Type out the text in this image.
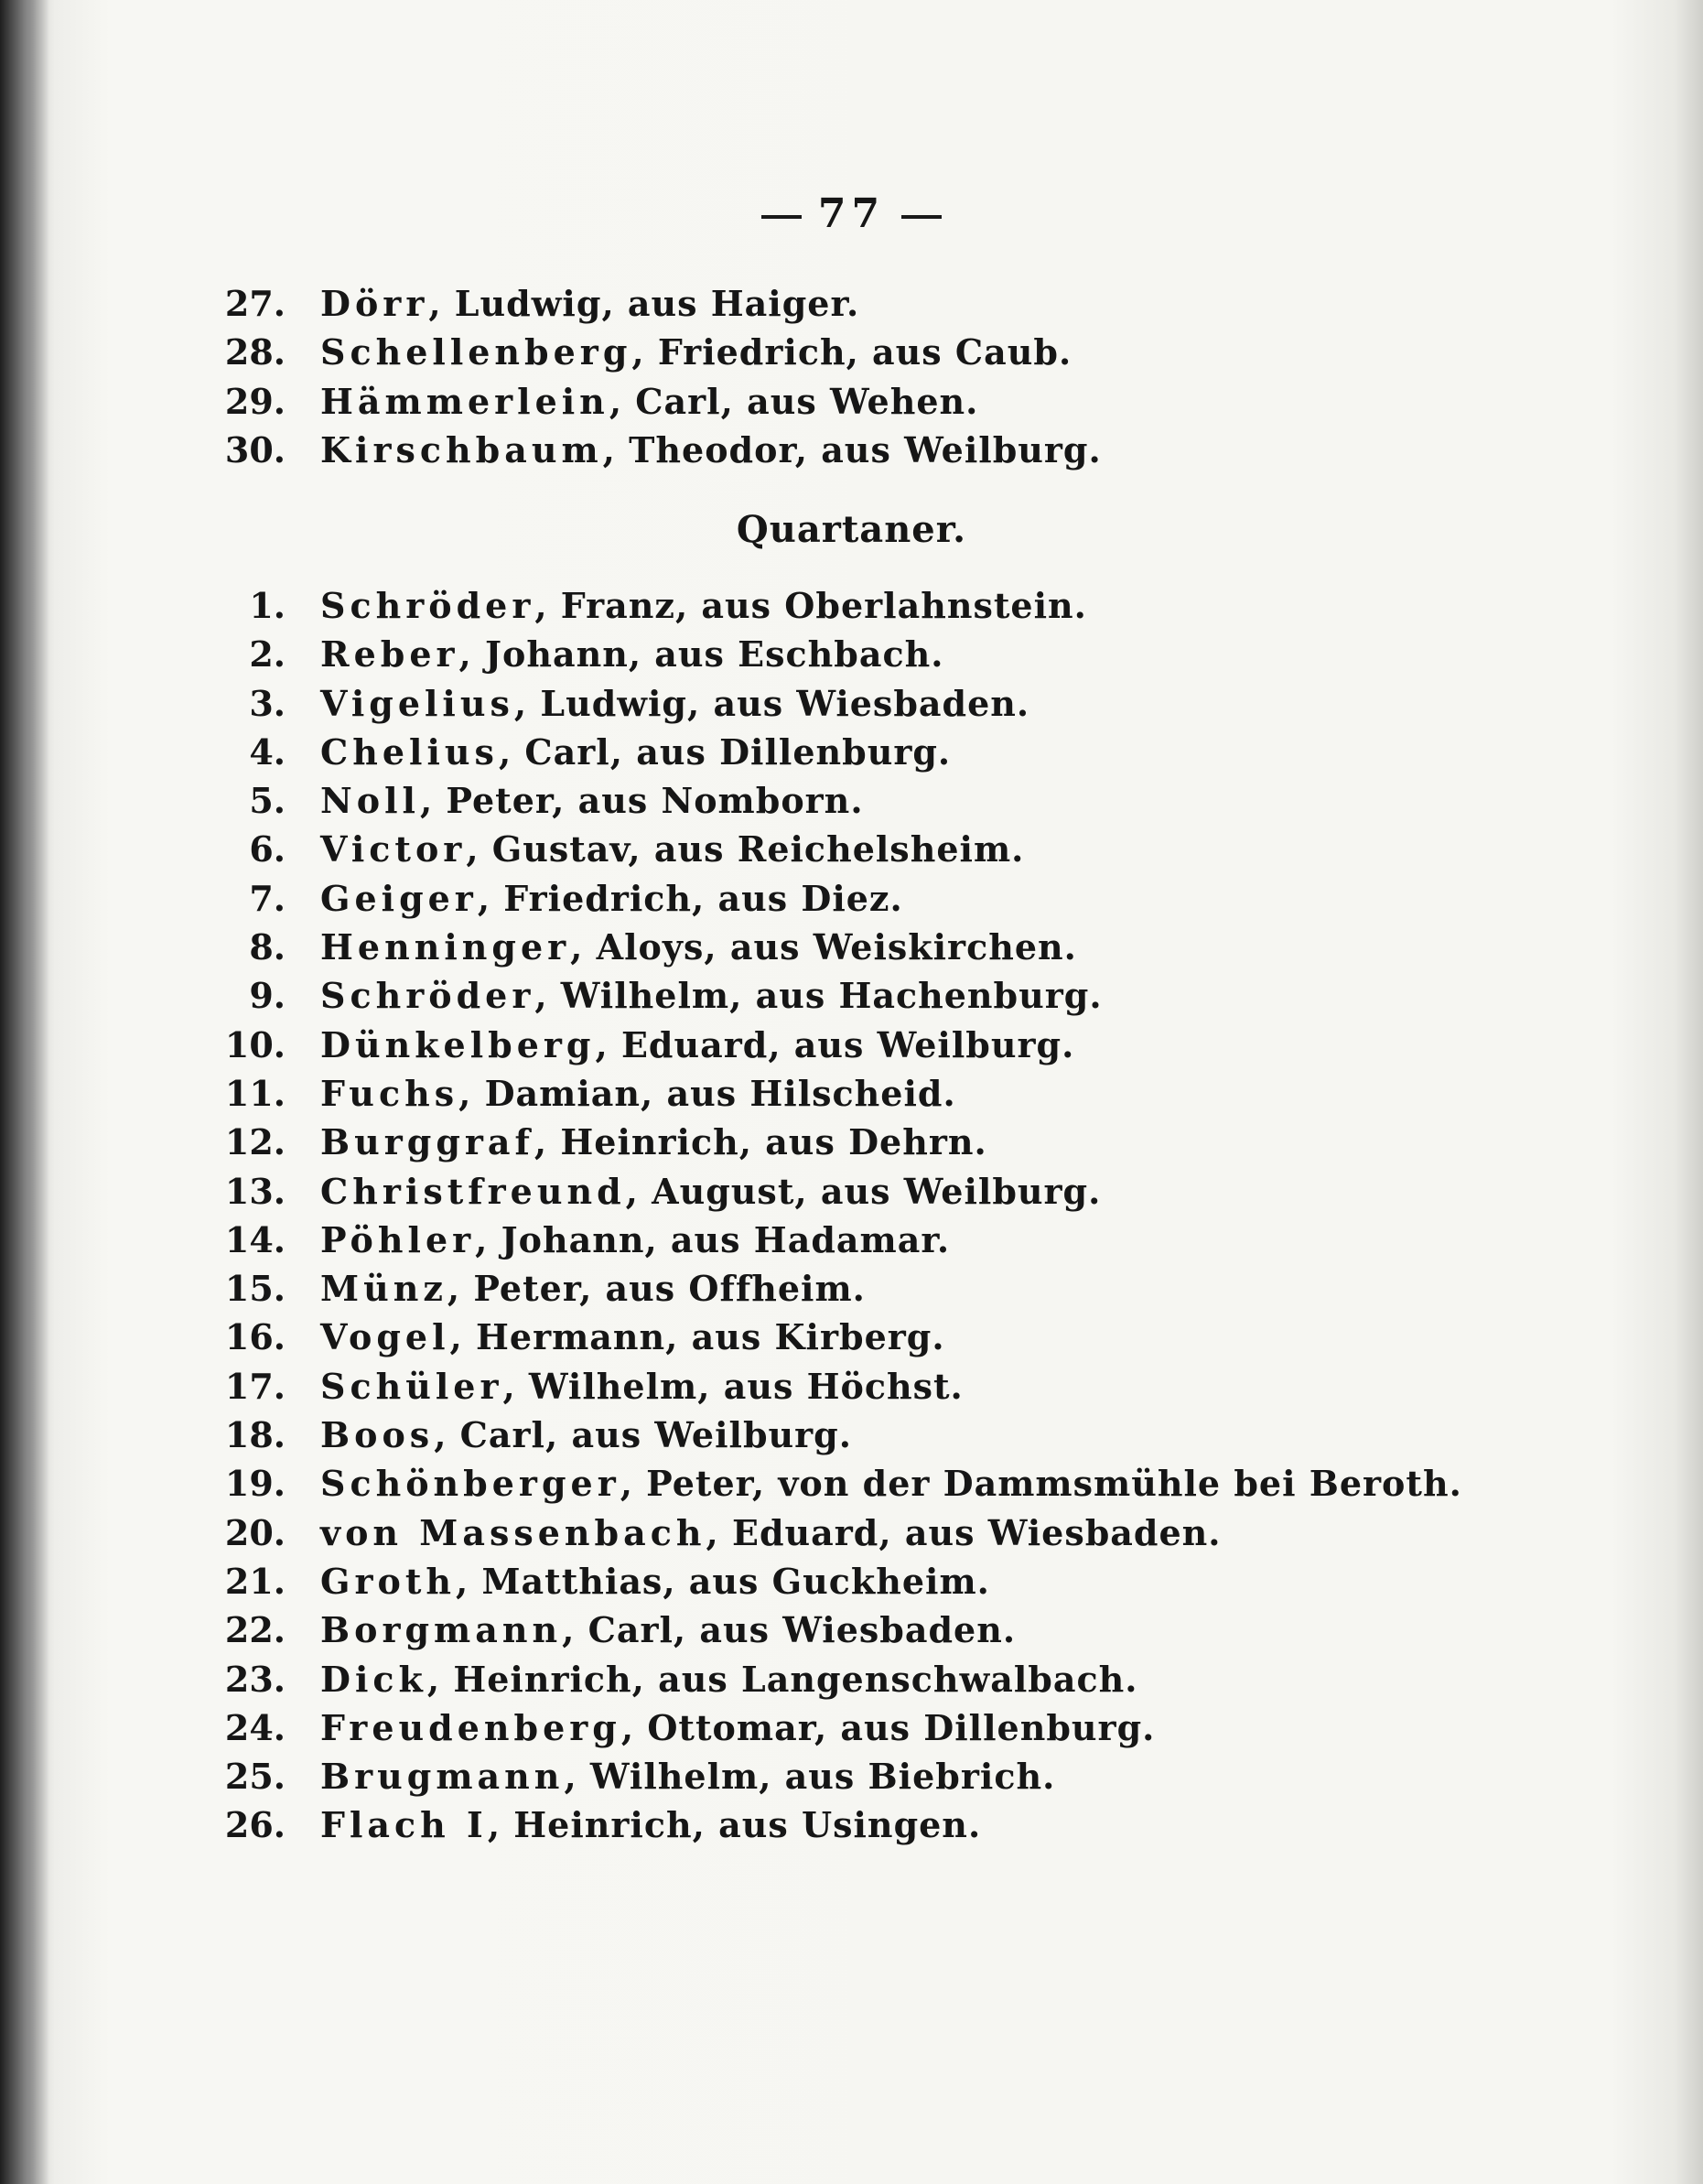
77
27. Dörr, Ludwig, aus Haiger.
28. Schellenberg, Friedrich, aus Caub.
29. Hämmerlein, Carl, aus Wehen.
30. Kirschbaum, Theodor, aus Weilburg.
Quartaner.
1. Schröder, Franz, aus Oberlahnstein.
2. Reber, Johann, aus Eschbach.
3. Vigelius, Ludwig, aus Wiesbaden.
4. Chelius, Carl, aus Dillenburg.
5. Noll, Peter, aus Nomborn.
6. Victor, Gustav, aus Reichelsheim.
7. Geiger, Friedrich, aus Diez.
8. Henninger, Aloys, aus Weiskirchen.
9. Schröder, Wilhelm, aus Hachenburg.
10. Dünkelberg, Eduard, aus Weilburg.
11. Fuchs, Damian, aus Hilscheid.
12. Burggraf, Heinrich, aus Dehrn.
13. Christfreund, August, aus Weilburg.
14. Pöhler, Johann, aus Hadamar.
15. Münz, Peter, aus Offheim.
16. Vogel, Hermann, aus Kirberg.
17. Schüler, Wilhelm, aus Höchst.
18. Boos, Carl, aus Weilburg.
19. Schönberger, Peter, von der Dammsmühle bei Beroth.
20. von Massenbach, Eduard, aus Wiesbaden.
21. Groth, Matthias, aus Guckheim.
22. Borgmann, Carl, aus Wiesbaden.
23. Dick, Heinrich, aus Langenschwalbach.
24. Freudenberg, Ottomar, aus Dillenburg.
25. Brugmann, Wilhelm, aus Biebrich.
26. Flach I, Heinrich, aus Usingen.
